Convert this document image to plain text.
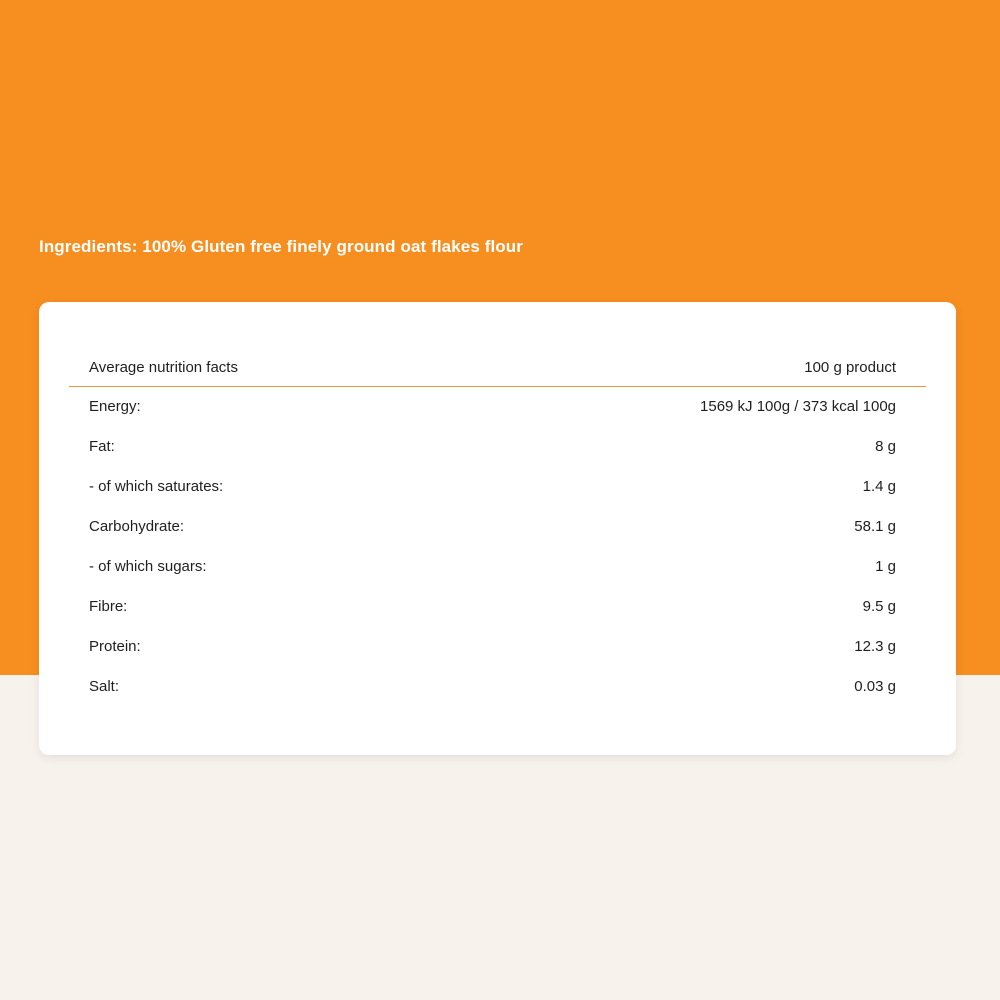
Ingredients: 100% Gluten free finely ground oat flakes flour
Average nutrition facts	100 g product
Energy:	1569 kJ 100g / 373 kcal 100g
Fat:	8 g
- of which saturates:	1.4 g
Carbohydrate:	58.1 g
- of which sugars:	1 g
Fibre:	9.5 g
Protein:	12.3 g
Salt:	0.03 g
